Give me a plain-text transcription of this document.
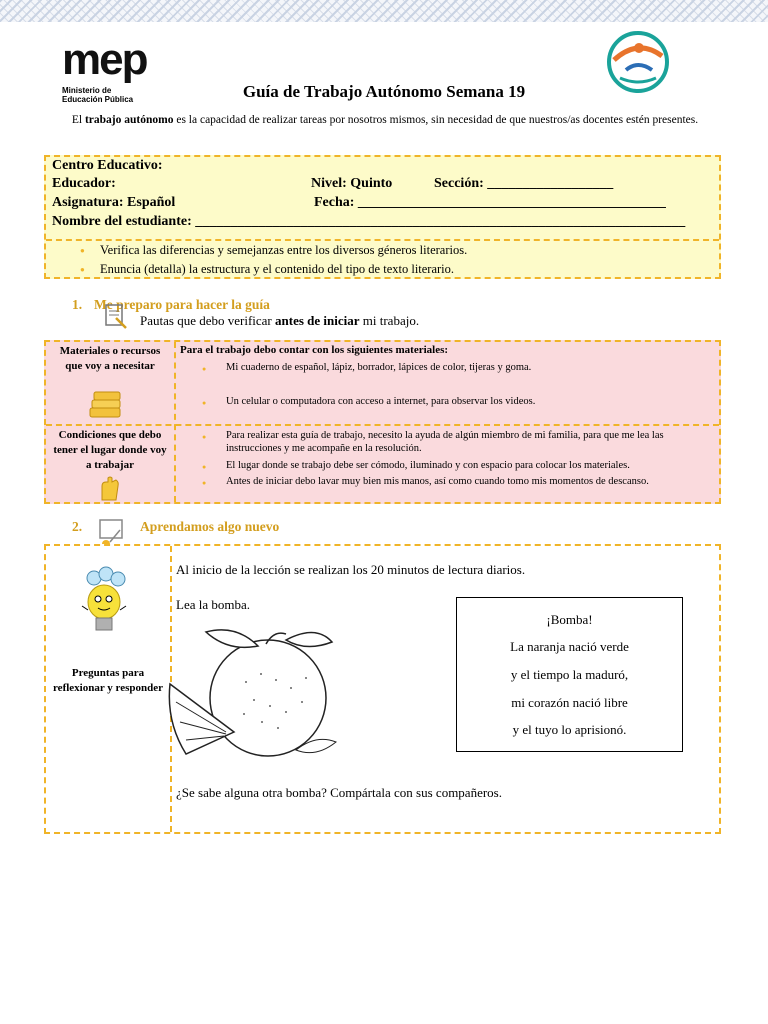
mep
Ministerio de
Educación Pública	Guía de Trabajo Autónomo Semana 19
El trabajo autónomo es la capacidad de realizar tareas por nosotros mismos, sin necesidad de que nuestros/as docentes estén presentes.
Centro Educativo:
Educador:	Nivel: Quinto	Sección: __________________
Asignatura: Español	Fecha: ____________________________________________
Nombre del estudiante: ______________________________________________________________________
● Verifica las diferencias y semejanzas entre los diversos géneros literarios.
● Enuncia (detalla) la estructura y el contenido del tipo de texto literario.
1. Me preparo para hacer la guía
Pautas que debo verificar antes de iniciar mi trabajo.
Materiales o recursos que voy a necesitar
Para el trabajo debo contar con los siguientes materiales:
● Mi cuaderno de español, lápiz, borrador, lápices de color, tijeras y goma.
● Un celular o computadora con acceso a internet, para observar los videos.
Condiciones que debo tener el lugar donde voy a trabajar
● Para realizar esta guía de trabajo, necesito la ayuda de algún miembro de mi familia, para que me lea las instrucciones y me acompañe en la resolución.
● El lugar donde se trabajo debe ser cómodo, iluminado y con espacio para colocar los materiales.
● Antes de iniciar debo lavar muy bien mis manos, así como cuando tomo mis momentos de descanso.
2.	Aprendamos algo nuevo
Preguntas para reflexionar y responder
Al inicio de la lección se realizan los 20 minutos de lectura diarios.
Lea la bomba.
¿Se sabe alguna otra bomba? Compártala con sus compañeros.
¡Bomba!
La naranja nació verde
y el tiempo la maduró,
mi corazón nació libre
y el tuyo lo aprisionó.
